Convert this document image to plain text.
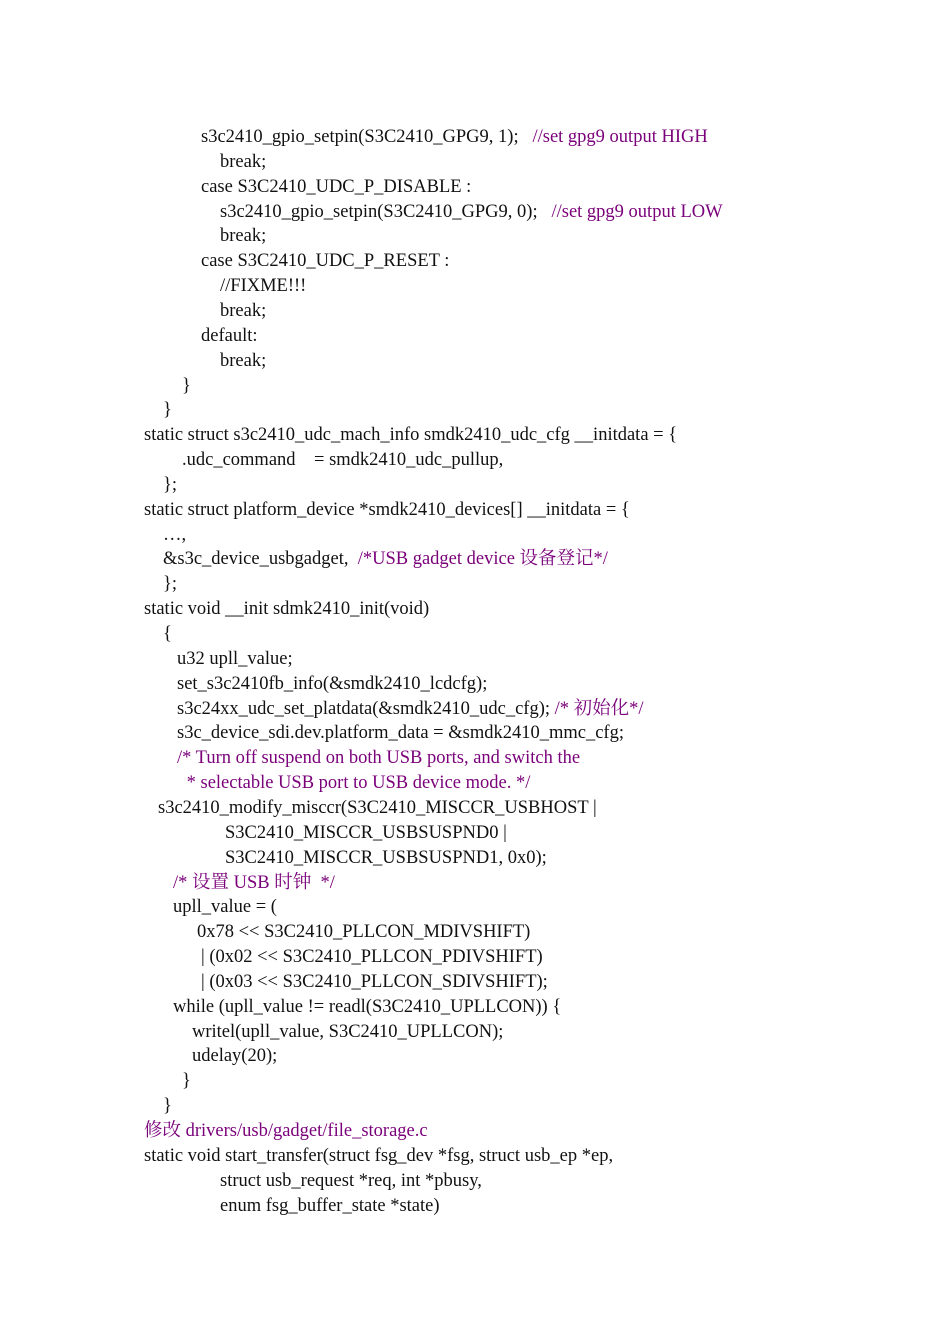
s3c2410_gpio_setpin(S3C2410_GPG9, 1);   //set gpg9 output HIGH
break;
case S3C2410_UDC_P_DISABLE :
s3c2410_gpio_setpin(S3C2410_GPG9, 0);   //set gpg9 output LOW
break;
case S3C2410_UDC_P_RESET :
//FIXME!!!
break;
default:
break;
}
}
static struct s3c2410_udc_mach_info smdk2410_udc_cfg __initdata = {
.udc_command    = smdk2410_udc_pullup,
};
static struct platform_device *smdk2410_devices[] __initdata = {
…,
&s3c_device_usbgadget,  /*USB gadget device 设备登记*/
};
static void __init sdmk2410_init(void)
{
u32 upll_value;
set_s3c2410fb_info(&smdk2410_lcdcfg);
s3c24xx_udc_set_platdata(&smdk2410_udc_cfg); /* 初始化*/
s3c_device_sdi.dev.platform_data = &smdk2410_mmc_cfg;
/* Turn off suspend on both USB ports, and switch the
* selectable USB port to USB device mode. */
s3c2410_modify_misccr(S3C2410_MISCCR_USBHOST |
S3C2410_MISCCR_USBSUSPND0 |
S3C2410_MISCCR_USBSUSPND1, 0x0);
/* 设置 USB 时钟  */
upll_value = (
0x78 << S3C2410_PLLCON_MDIVSHIFT)
| (0x02 << S3C2410_PLLCON_PDIVSHIFT)
| (0x03 << S3C2410_PLLCON_SDIVSHIFT);
while (upll_value != readl(S3C2410_UPLLCON)) {
writel(upll_value, S3C2410_UPLLCON);
udelay(20);
}
}
修改 drivers/usb/gadget/file_storage.c
static void start_transfer(struct fsg_dev *fsg, struct usb_ep *ep,
struct usb_request *req, int *pbusy,
enum fsg_buffer_state *state)
